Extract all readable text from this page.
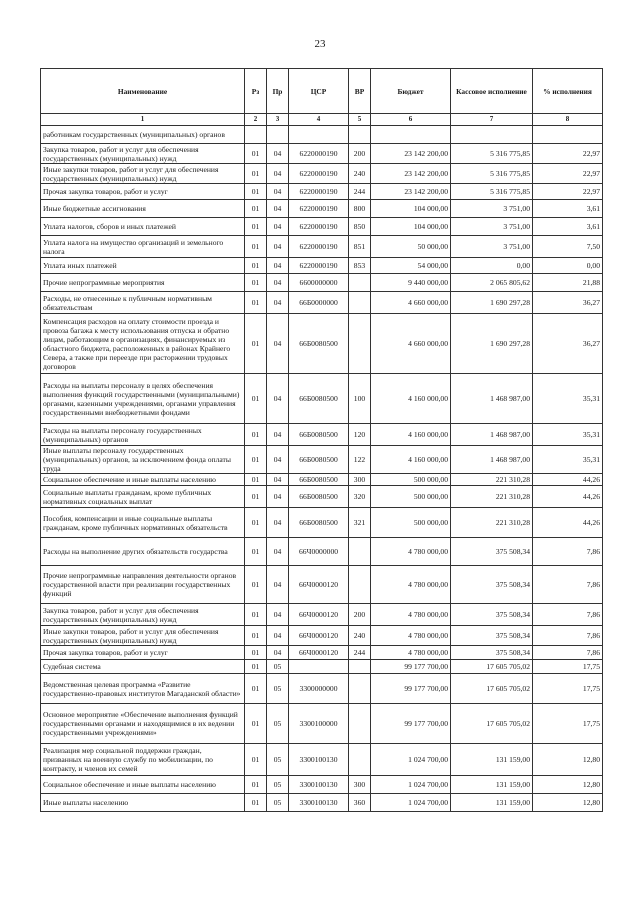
23
Наименование	Рз	Пр	ЦСР	ВР	Бюджет	Кассовое исполнение	% исполнения
1	2	3	4	5	6	7	8
работникам государственных (муниципальных) органов							
Закупка товаров, работ и услуг для обеспечения государственных (муниципальных) нужд	01	04	6220000190	200	23 142 200,00	5 316 775,85	22,97
Иные закупки товаров, работ и услуг для обеспечения государственных (муниципальных) нужд	01	04	6220000190	240	23 142 200,00	5 316 775,85	22,97
Прочая закупка товаров, работ и услуг	01	04	6220000190	244	23 142 200,00	5 316 775,85	22,97
Иные бюджетные ассигнования	01	04	6220000190	800	104 000,00	3 751,00	3,61
Уплата налогов, сборов и иных платежей	01	04	6220000190	850	104 000,00	3 751,00	3,61
Уплата налога на имущество организаций и земельного налога	01	04	6220000190	851	50 000,00	3 751,00	7,50
Уплата иных платежей	01	04	6220000190	853	54 000,00	0,00	0,00
Прочие непрограммные мероприятия	01	04	6600000000		9 440 000,00	2 065 805,62	21,88
Расходы, не отнесенные к публичным нормативным обязательствам	01	04	66Б0000000		4 660 000,00	1 690 297,28	36,27
Компенсация расходов на оплату стоимости проезда и провоза багажа к месту использования отпуска и обратно лицам, работающим в организациях, финансируемых из областного бюджета, расположенных в районах Крайнего Севера, а также при переезде при расторжении трудовых договоров	01	04	66Б0080500		4 660 000,00	1 690 297,28	36,27
Расходы на выплаты персоналу в целях обеспечения выполнения функций государственными (муниципальными) органами, казенными учреждениями, органами управления государственными внебюджетными фондами	01	04	66Б0080500	100	4 160 000,00	1 468 987,00	35,31
Расходы на выплаты персоналу государственных (муниципальных) органов	01	04	66Б0080500	120	4 160 000,00	1 468 987,00	35,31
Иные выплаты персоналу государственных (муниципальных) органов, за исключением фонда оплаты труда	01	04	66Б0080500	122	4 160 000,00	1 468 987,00	35,31
Социальное обеспечение и иные выплаты населению	01	04	66Б0080500	300	500 000,00	221 310,28	44,26
Социальные выплаты гражданам, кроме публичных нормативных социальных выплат	01	04	66Б0080500	320	500 000,00	221 310,28	44,26
Пособия, компенсации и иные социальные выплаты гражданам, кроме публичных нормативных обязательств	01	04	66Б0080500	321	500 000,00	221 310,28	44,26
Расходы на выполнение других обязательств государства	01	04	66Ч0000000		4 780 000,00	375 508,34	7,86
Прочие непрограммные направления деятельности органов государственной власти при реализации государственных функций	01	04	66Ч0000120		4 780 000,00	375 508,34	7,86
Закупка товаров, работ и услуг для обеспечения государственных (муниципальных) нужд	01	04	66Ч0000120	200	4 780 000,00	375 508,34	7,86
Иные закупки товаров, работ и услуг для обеспечения государственных (муниципальных) нужд	01	04	66Ч0000120	240	4 780 000,00	375 508,34	7,86
Прочая закупка товаров, работ и услуг	01	04	66Ч0000120	244	4 780 000,00	375 508,34	7,86
Судебная система	01	05			99 177 700,00	17 605 705,02	17,75
Ведомственная целевая программа «Развитие государственно-правовых институтов Магаданской области»	01	05	3300000000		99 177 700,00	17 605 705,02	17,75
Основное мероприятие «Обеспечение выполнения функций государственными органами и находящимися в их ведении государственными учреждениями»	01	05	3300100000		99 177 700,00	17 605 705,02	17,75
Реализация мер социальной поддержки граждан, призванных на военную службу по мобилизации, по контракту, и членов их семей	01	05	3300100130		1 024 700,00	131 159,00	12,80
Социальное обеспечение и иные выплаты населению	01	05	3300100130	300	1 024 700,00	131 159,00	12,80
Иные выплаты населению	01	05	3300100130	360	1 024 700,00	131 159,00	12,80
